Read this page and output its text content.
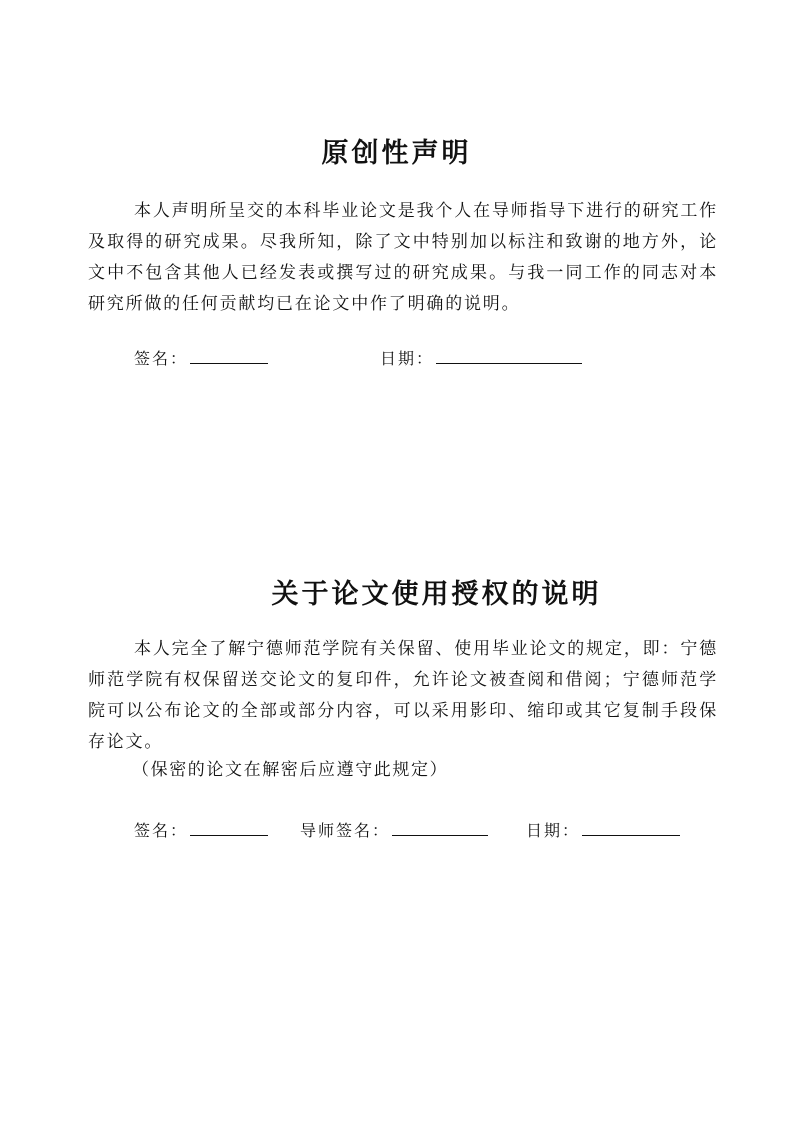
原创性声明

本人声明所呈交的本科毕业论文是我个人在导师指导下进行的研究工作及取得的研究成果。尽我所知，除了文中特别加以标注和致谢的地方外，论文中不包含其他人已经发表或撰写过的研究成果。与我一同工作的同志对本研究所做的任何贡献均已在论文中作了明确的说明。

签名：	日期：
关于论文使用授权的说明

本人完全了解宁德师范学院有关保留、使用毕业论文的规定，即：宁德师范学院有权保留送交论文的复印件，允许论文被查阅和借阅；宁德师范学院可以公布论文的全部或部分内容，可以采用影印、缩印或其它复制手段保存论文。

（保密的论文在解密后应遵守此规定）

签名：	导师签名：	日期：
